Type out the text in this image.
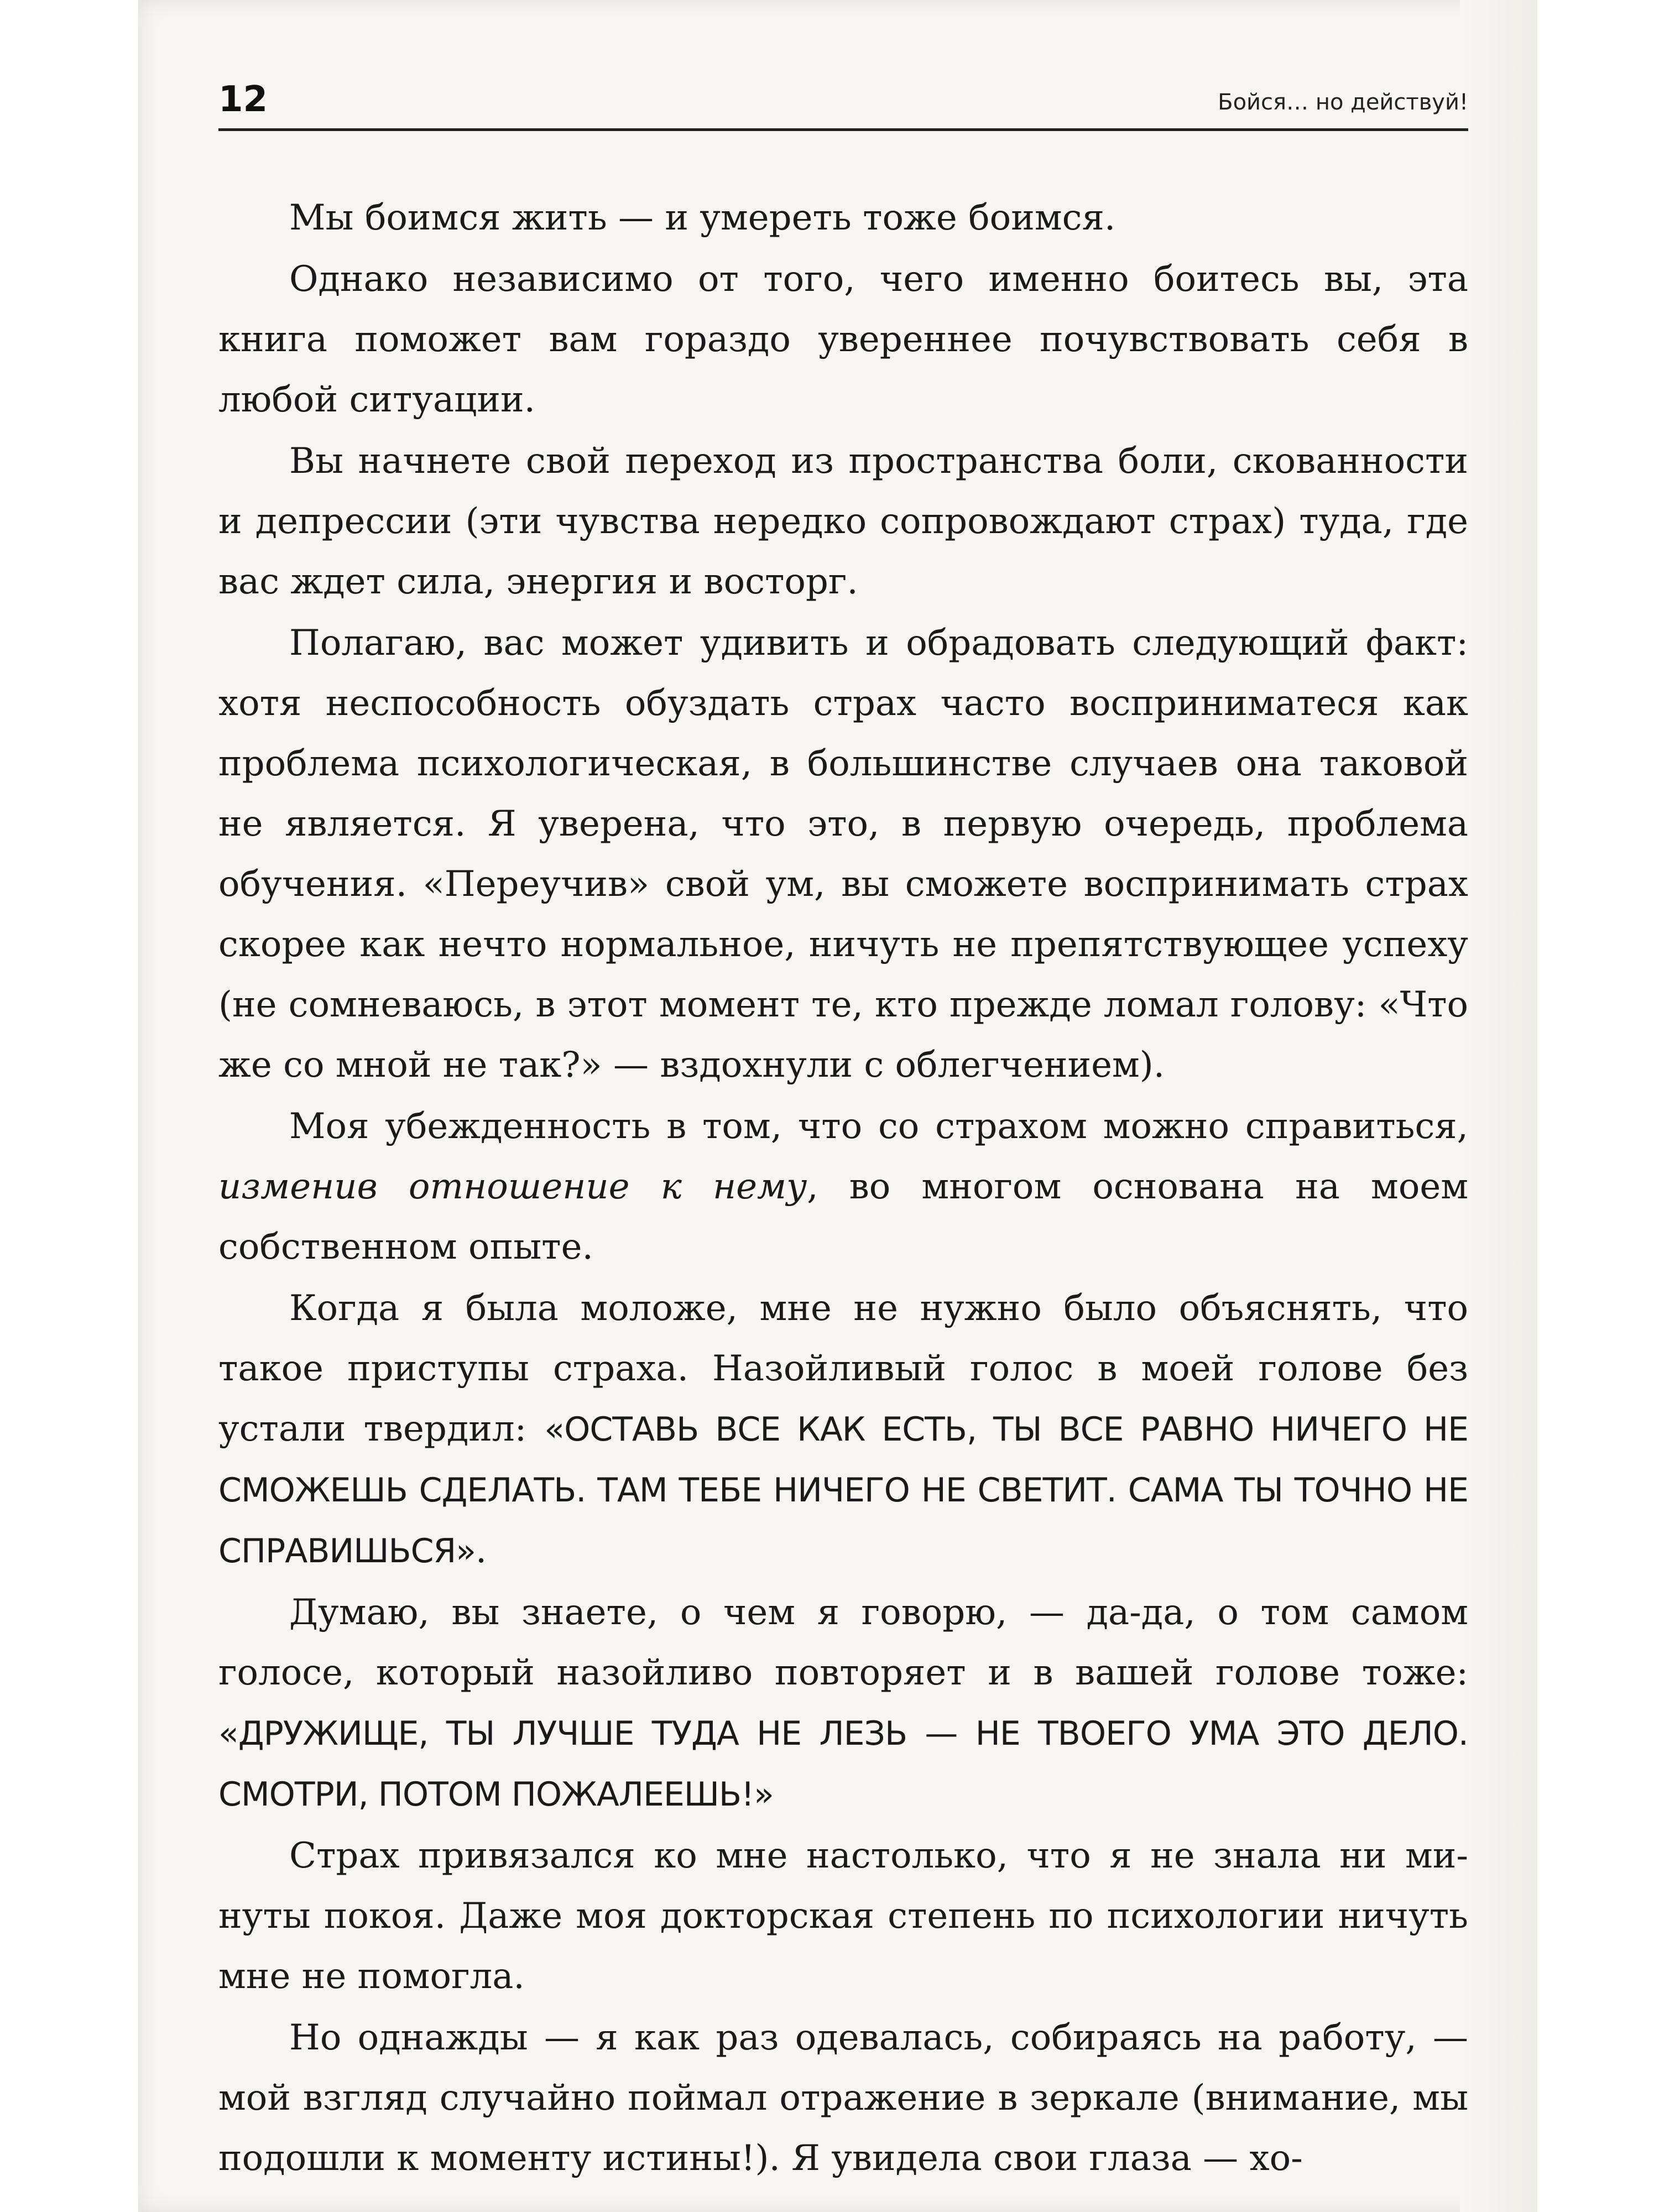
12	Бойся… но действуй!

Мы боимся жить — и умереть тоже боимся.

Однако независимо от того, чего именно боитесь вы, эта книга поможет вам гораздо увереннее почувствовать себя в любой ситуации.

Вы начнете свой переход из пространства боли, скованности и депрессии (эти чувства нередко сопровождают страх) туда, где вас ждет сила, энергия и восторг.

Полагаю, вас может удивить и обрадовать следующий факт: хотя неспособность обуздать страх часто восприниматеся как проблема психологическая, в большинстве случаев она таковой не является. Я уверена, что это, в первую очередь, проблема обучения. «Переучив» свой ум, вы сможете воспринимать страх скорее как нечто нормальное, ничуть не препятствующее успеху (не сомневаюсь, в этот момент те, кто прежде ломал голову: «Что же со мной не так?» — вздохнули с облегчением).

Моя убежденность в том, что со страхом можно справиться, изменив отношение к нему, во многом основана на моем собственном опыте.

Когда я была моложе, мне не нужно было объяснять, что такое приступы страха. Назойливый голос в моей голове без устали твердил: «ОСТАВЬ ВСЕ КАК ЕСТЬ, ТЫ ВСЕ РАВНО НИЧЕГО НЕ СМОЖЕШЬ СДЕЛАТЬ. ТАМ ТЕБЕ НИЧЕГО НЕ СВЕТИТ. САМА ТЫ ТОЧНО НЕ СПРАВИШЬСЯ».

Думаю, вы знаете, о чем я говорю, — да-да, о том самом голосе, который назойливо повторяет и в вашей голове тоже: «ДРУЖИЩЕ, ТЫ ЛУЧШЕ ТУДА НЕ ЛЕЗЬ — НЕ ТВОЕГО УМА ЭТО ДЕЛО. СМОТРИ, ПОТОМ ПОЖАЛЕЕШЬ!»

Страх привязался ко мне настолько, что я не знала ни минуты покоя. Даже моя докторская степень по психологии ничуть мне не помогла.

Но однажды — я как раз одевалась, собираясь на работу, — мой взгляд случайно поймал отражение в зеркале (внимание, мы подошли к моменту истины!). Я увидела свои глаза — хо-
